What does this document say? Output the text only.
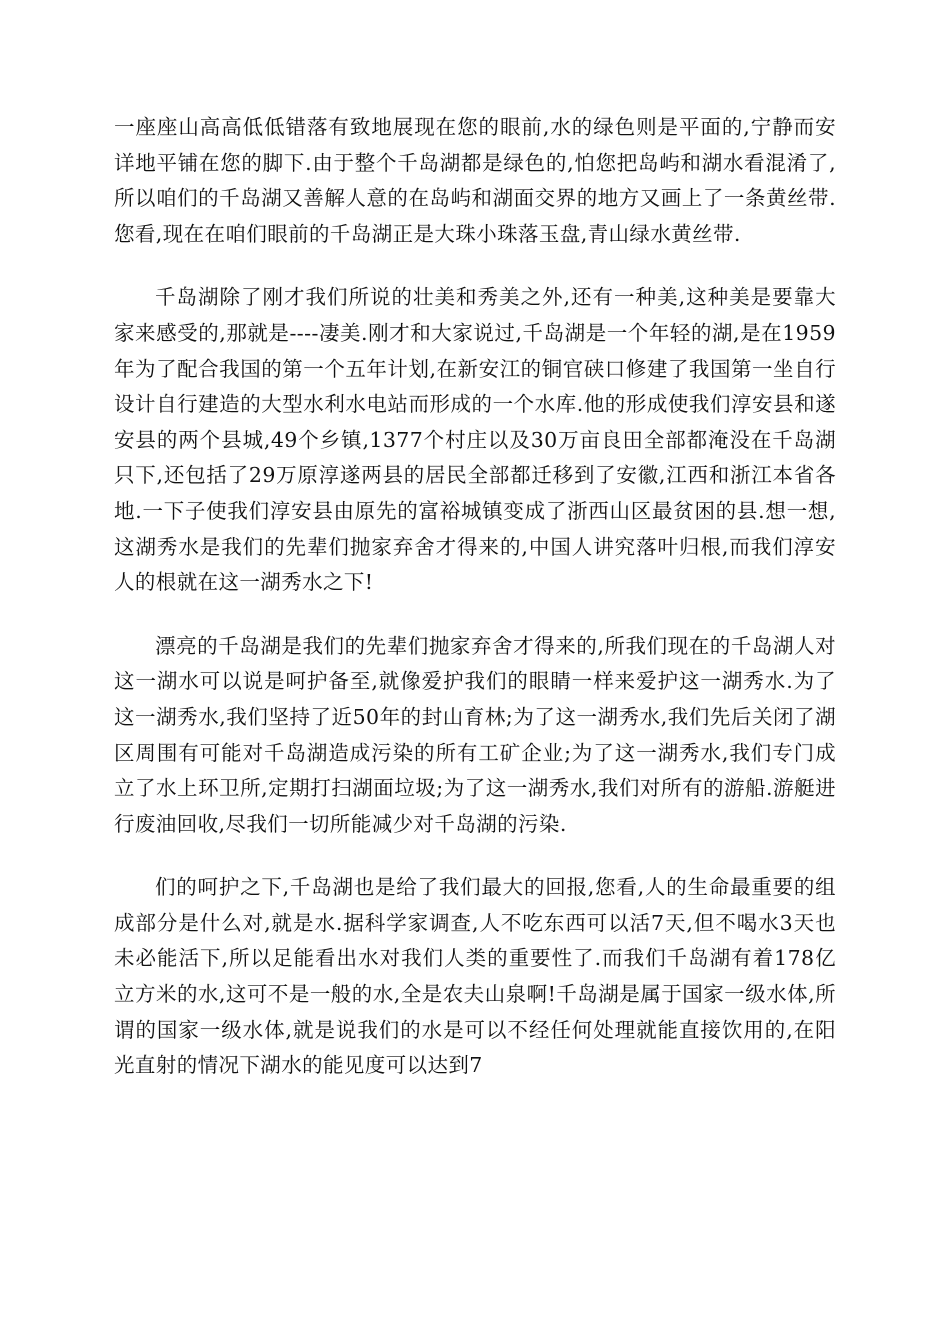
一座座山高高低低错落有致地展现在您的眼前,水的绿色则是平面的,宁静而安详地平铺在您的脚下.由于整个千岛湖都是绿色的,怕您把岛屿和湖水看混淆了,所以咱们的千岛湖又善解人意的在岛屿和湖面交界的地方又画上了一条黄丝带.您看,现在在咱们眼前的千岛湖正是大珠小珠落玉盘,青山绿水黄丝带.

千岛湖除了刚才我们所说的壮美和秀美之外,还有一种美,这种美是要靠大家来感受的,那就是----凄美.刚才和大家说过,千岛湖是一个年轻的湖,是在1959年为了配合我国的第一个五年计划,在新安江的铜官硖口修建了我国第一坐自行设计自行建造的大型水利水电站而形成的一个水库.他的形成使我们淳安县和遂安县的两个县城,49个乡镇,1377个村庄以及30万亩良田全部都淹没在千岛湖只下,还包括了29万原淳遂两县的居民全部都迁移到了安徽,江西和浙江本省各地.一下子使我们淳安县由原先的富裕城镇变成了浙西山区最贫困的县.想一想,这湖秀水是我们的先辈们抛家弃舍才得来的,中国人讲究落叶归根,而我们淳安人的根就在这一湖秀水之下!

漂亮的千岛湖是我们的先辈们抛家弃舍才得来的,所我们现在的千岛湖人对这一湖水可以说是呵护备至,就像爱护我们的眼睛一样来爱护这一湖秀水.为了这一湖秀水,我们坚持了近50年的封山育林;为了这一湖秀水,我们先后关闭了湖区周围有可能对千岛湖造成污染的所有工矿企业;为了这一湖秀水,我们专门成立了水上环卫所,定期打扫湖面垃圾;为了这一湖秀水,我们对所有的游船.游艇进行废油回收,尽我们一切所能减少对千岛湖的污染.

们的呵护之下,千岛湖也是给了我们最大的回报,您看,人的生命最重要的组成部分是什么对,就是水.据科学家调查,人不吃东西可以活7天,但不喝水3天也未必能活下,所以足能看出水对我们人类的重要性了.而我们千岛湖有着178亿立方米的水,这可不是一般的水,全是农夫山泉啊!千岛湖是属于国家一级水体,所谓的国家一级水体,就是说我们的水是可以不经任何处理就能直接饮用的,在阳光直射的情况下湖水的能见度可以达到7
